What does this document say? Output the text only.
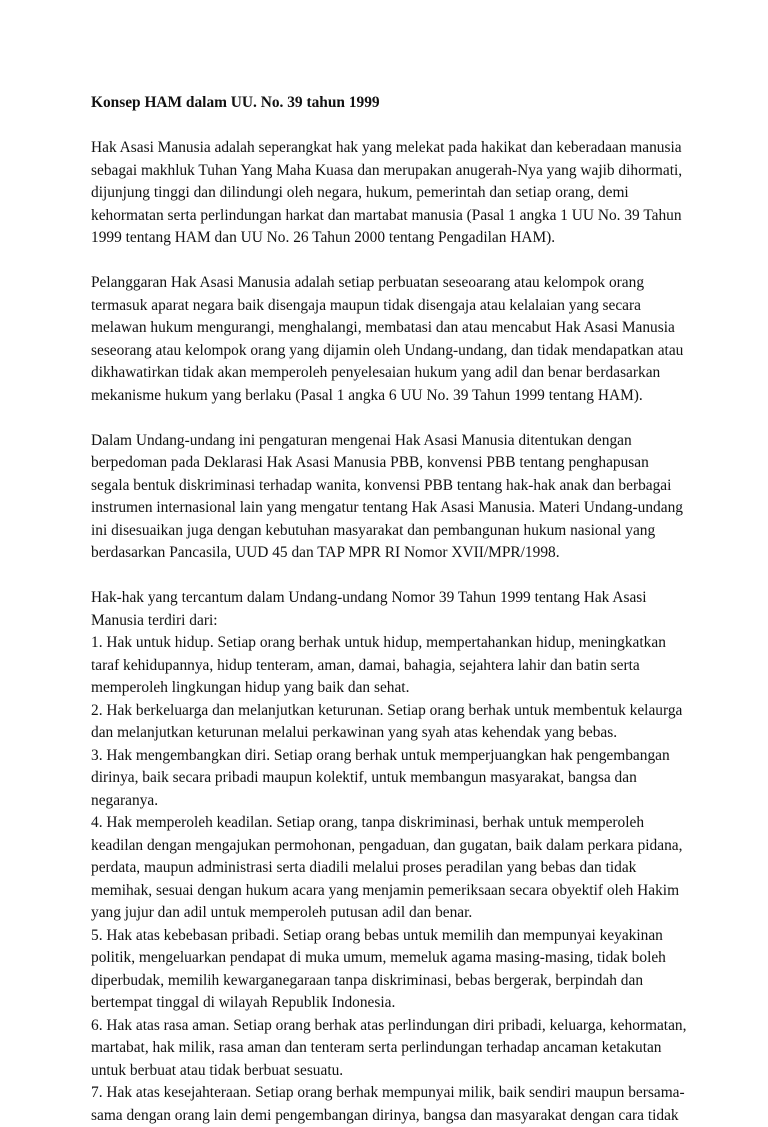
Konsep HAM dalam UU. No. 39 tahun 1999
Hak Asasi Manusia adalah seperangkat hak yang melekat pada hakikat dan keberadaan manusia
sebagai makhluk Tuhan Yang Maha Kuasa dan merupakan anugerah-Nya yang wajib dihormati,
dijunjung tinggi dan dilindungi oleh negara, hukum, pemerintah dan setiap orang, demi
kehormatan serta perlindungan harkat dan martabat manusia (Pasal 1 angka 1 UU No. 39 Tahun
1999 tentang HAM dan UU No. 26 Tahun 2000 tentang Pengadilan HAM).
Pelanggaran Hak Asasi Manusia adalah setiap perbuatan seseoarang atau kelompok orang
termasuk aparat negara baik disengaja maupun tidak disengaja atau kelalaian yang secara
melawan hukum mengurangi, menghalangi, membatasi dan atau mencabut Hak Asasi Manusia
seseorang atau kelompok orang yang dijamin oleh Undang-undang, dan tidak mendapatkan atau
dikhawatirkan tidak akan memperoleh penyelesaian hukum yang adil dan benar berdasarkan
mekanisme hukum yang berlaku (Pasal 1 angka 6 UU No. 39 Tahun 1999 tentang HAM).
Dalam Undang-undang ini pengaturan mengenai Hak Asasi Manusia ditentukan dengan
berpedoman pada Deklarasi Hak Asasi Manusia PBB, konvensi PBB tentang penghapusan
segala bentuk diskriminasi terhadap wanita, konvensi PBB tentang hak-hak anak dan berbagai
instrumen internasional lain yang mengatur tentang Hak Asasi Manusia. Materi Undang-undang
ini disesuaikan juga dengan kebutuhan masyarakat dan pembangunan hukum nasional yang
berdasarkan Pancasila, UUD 45 dan TAP MPR RI Nomor XVII/MPR/1998.
Hak-hak yang tercantum dalam Undang-undang Nomor 39 Tahun 1999 tentang Hak Asasi
Manusia terdiri dari:
1. Hak untuk hidup. Setiap orang berhak untuk hidup, mempertahankan hidup, meningkatkan
taraf kehidupannya, hidup tenteram, aman, damai, bahagia, sejahtera lahir dan batin serta
memperoleh lingkungan hidup yang baik dan sehat.
2. Hak berkeluarga dan melanjutkan keturunan. Setiap orang berhak untuk membentuk kelaurga
dan melanjutkan keturunan melalui perkawinan yang syah atas kehendak yang bebas.
3. Hak mengembangkan diri. Setiap orang berhak untuk memperjuangkan hak pengembangan
dirinya, baik secara pribadi maupun kolektif, untuk membangun masyarakat, bangsa dan
negaranya.
4. Hak memperoleh keadilan. Setiap orang, tanpa diskriminasi, berhak untuk memperoleh
keadilan dengan mengajukan permohonan, pengaduan, dan gugatan, baik dalam perkara pidana,
perdata, maupun administrasi serta diadili melalui proses peradilan yang bebas dan tidak
memihak, sesuai dengan hukum acara yang menjamin pemeriksaan secara obyektif oleh Hakim
yang jujur dan adil untuk memperoleh putusan adil dan benar.
5. Hak atas kebebasan pribadi. Setiap orang bebas untuk memilih dan mempunyai keyakinan
politik, mengeluarkan pendapat di muka umum, memeluk agama masing-masing, tidak boleh
diperbudak, memilih kewarganegaraan tanpa diskriminasi, bebas bergerak, berpindah dan
bertempat tinggal di wilayah Republik Indonesia.
6. Hak atas rasa aman. Setiap orang berhak atas perlindungan diri pribadi, keluarga, kehormatan,
martabat, hak milik, rasa aman dan tenteram serta perlindungan terhadap ancaman ketakutan
untuk berbuat atau tidak berbuat sesuatu.
7. Hak atas kesejahteraan. Setiap orang berhak mempunyai milik, baik sendiri maupun bersama-
sama dengan orang lain demi pengembangan dirinya, bangsa dan masyarakat dengan cara tidak
